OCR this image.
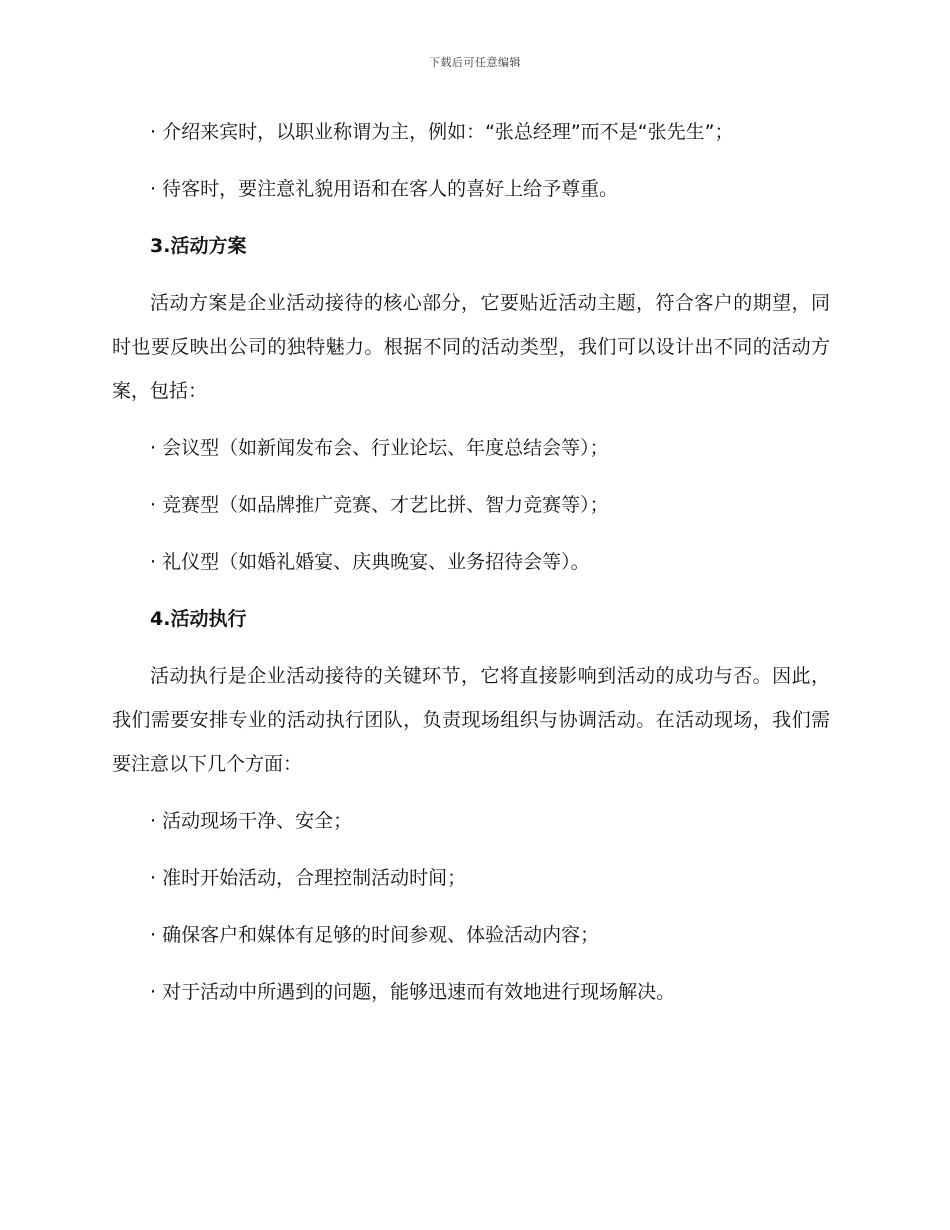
下载后可任意编辑

· 介绍来宾时，以职业称谓为主，例如：“张总经理”而不是“张先生”；

· 待客时，要注意礼貌用语和在客人的喜好上给予尊重。

3.活动方案

活动方案是企业活动接待的核心部分，它要贴近活动主题，符合客户的期望，同时也要反映出公司的独特魅力。根据不同的活动类型，我们可以设计出不同的活动方案，包括：

· 会议型（如新闻发布会、行业论坛、年度总结会等）；

· 竞赛型（如品牌推广竞赛、才艺比拼、智力竞赛等）；

· 礼仪型（如婚礼婚宴、庆典晚宴、业务招待会等）。

4.活动执行

活动执行是企业活动接待的关键环节，它将直接影响到活动的成功与否。因此，我们需要安排专业的活动执行团队，负责现场组织与协调活动。在活动现场，我们需要注意以下几个方面：

· 活动现场干净、安全；

· 准时开始活动，合理控制活动时间；

· 确保客户和媒体有足够的时间参观、体验活动内容；

· 对于活动中所遇到的问题，能够迅速而有效地进行现场解决。
